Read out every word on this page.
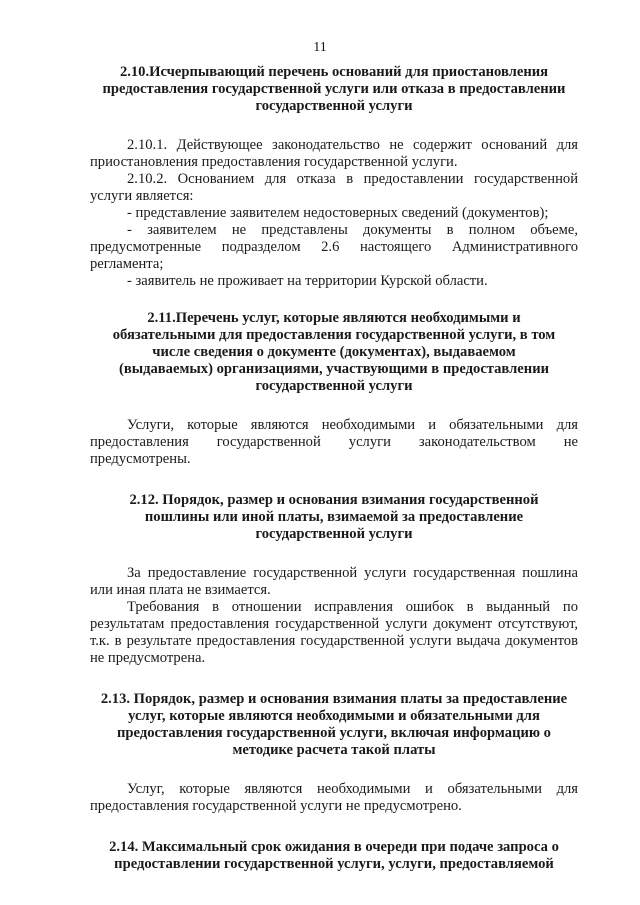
11

2.10.Исчерпывающий перечень оснований для приостановления предоставления государственной услуги или отказа в предоставлении государственной услуги

2.10.1. Действующее законодательство не содержит оснований для приостановления предоставления государственной услуги.

2.10.2. Основанием для отказа в предоставлении государственной услуги является:

- представление заявителем недостоверных сведений (документов);

- заявителем не представлены документы в полном объеме, предусмотренные подразделом 2.6 настоящего Административного регламента;

- заявитель не проживает на территории Курской области.

2.11.Перечень услуг, которые являются необходимыми и обязательными для предоставления государственной услуги, в том числе сведения о документе (документах), выдаваемом (выдаваемых) организациями, участвующими в предоставлении государственной услуги

Услуги, которые являются необходимыми и обязательными для предоставления государственной услуги законодательством не предусмотрены.

2.12. Порядок, размер и основания взимания государственной пошлины или иной платы, взимаемой за предоставление государственной услуги

За предоставление государственной услуги государственная пошлина или иная плата не взимается.

Требования в отношении исправления ошибок в выданный по результатам предоставления государственной услуги документ отсутствуют, т.к. в результате предоставления государственной услуги выдача документов не предусмотрена.

2.13. Порядок, размер и основания взимания платы за предоставление услуг, которые являются необходимыми и обязательными для предоставления государственной услуги, включая информацию о методике расчета такой платы

Услуг, которые являются необходимыми и обязательными для предоставления государственной услуги не предусмотрено.

2.14. Максимальный срок ожидания в очереди при подаче запроса о предоставлении государственной услуги, услуги, предоставляемой
